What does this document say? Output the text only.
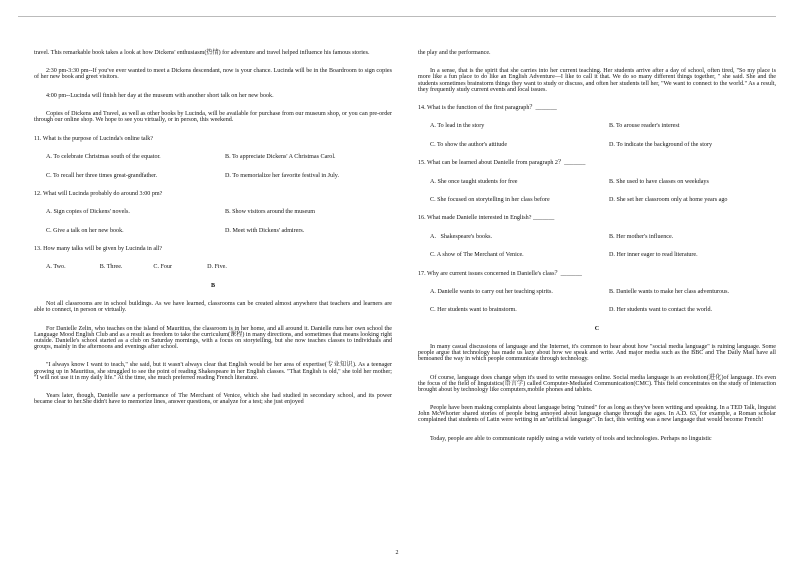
travel. This remarkable book takes a look at how Dickens' enthusiasm(热情) for adventure and travel helped influence his famous stories.

2:30 pm-3:30 pm--If you've ever wanted to meet a Dickens descendant, now is your chance. Lucinda will be in the Boardroom to sign copies of her new book and greet visitors.

4:00 pm--Lucinda will finish her day at the museum with another short talk on her new book.

Copies of Dickens and Travel, as well as other books by Lucinda, will be available for purchase from our museum shop, or you can pre-order through our online shop. We hope to see you virtually, or in person, this weekend.

11. What is the purpose of Lucinda's online talk?

A. To celebrate Christmas south of the equator.	B. To appreciate Dickens' A Christmas Carol.
C. To recall her three times great-grandfather.	D. To memorialize her favorite festival in July.

12. What will Lucinda probably do around 3:00 pm?

A. Sign copies of Dickens' novels.	B. Show visitors around the museum
C. Give a talk on her new book.	D. Meet with Dickens' admirers.

13. How many talks will be given by Lucinda in all?

A. Two.	B. Three.	C. Four	D. Five.
B

Not all classrooms are in school buildings. As we have learned, classrooms can be created almost anywhere that teachers and learners are able to connect, in person or virtually.

For Danielle Zelin, who teaches on the island of Mauritius, the classroom is in her home, and all around it. Danielle runs her own school the Language Mood English Club and as a result as freedom to take the curriculum(课程) in many directions, and sometimes that means looking right outside. Danielle's school started as a club on Saturday mornings, with a focus on storytelling, but she now teaches classes to individuals and groups, mainly in the afternoons and evenings after school.

"I always know I want to teach," she said, but it wasn't always clear that English would be her area of expertise(专业知识). As a teenager growing up in Mauritius, she struggled to see the point of reading Shakespeare in her English classes. "That English is old," she told her mother; "I will not use it in my daily life." At the time, she much preferred reading French literature.

Years later, though, Danielle saw a performance of The Merchant of Venice, which she had studied in secondary school, and its power became clear to her.She didn't have to memorize lines, answer questions, or analyze for a test; she just enjoyed

the play and the performance.

In a sense, that is the spirit that she carries into her current teaching. Her students arrive after a day of school, often tired, "So my place is more like a fun place to do like an English Adventure—I like to call it that. We do so many different things together, " she said. She and the students sometimes brainstorm things they want to study or discuss, and often her students tell her, "We want to connect to the world." As a result, they frequently study current events and local issues.

14. What is the function of the first paragraph？_______

A. To lead in the story	B. To arouse reader's interest
C. To show the author's attitude	D. To indicate the background of the story

15. What can be learned about Danielle from paragraph 2？_______

A. She once taught students for free	B. She used to have classes on weekdays
C. She focused on storytelling in her class before	D. She set her classroom only at home years ago

16. What made Danielle interested in English? _______

A．Shakespeare's books.	B. Her mother's influence.
C. A show of The Merchant of Venice.	D. Her inner eager to read literature.

17. Why are current issues concerned in Danielle's class？_______

A. Danielle wants to carry out her teaching spirits.	B. Danielle wants to make her class adventurous.
C. Her students want to brainstorm.	D. Her students want to contact the world.
C

In many casual discussions of language and the Internet, it's common to hear about how "social media language" is ruining language. Some people argue that technology has made us lazy about how we speak and write. And major media such as the BBC and The Daily Mail have all bemoaned the way in which people communicate through technology.

Of course, language does change when it's used to write messages online. Social media language is an evolution(进化)of language. It's even the focus of the field of linguistics(语言学) called Computer-Mediated Communication(CMC). This field concentrates on the study of interaction brought about by technology like computers,mobile phones and tablets.

People have been making complaints about language being "ruined" for as long as they've been writing and speaking. In a TED Talk, linguist John McWhorter shared stories of people being annoyed about language change through the ages. In A.D. 63, for example, a Roman scholar complained that students of Latin were writing in an"artificial language". In fact, this writing was a new language that would become French!

Today, people are able to communicate rapidly using a wide variety of tools and technologies. Perhaps no linguistic

2
